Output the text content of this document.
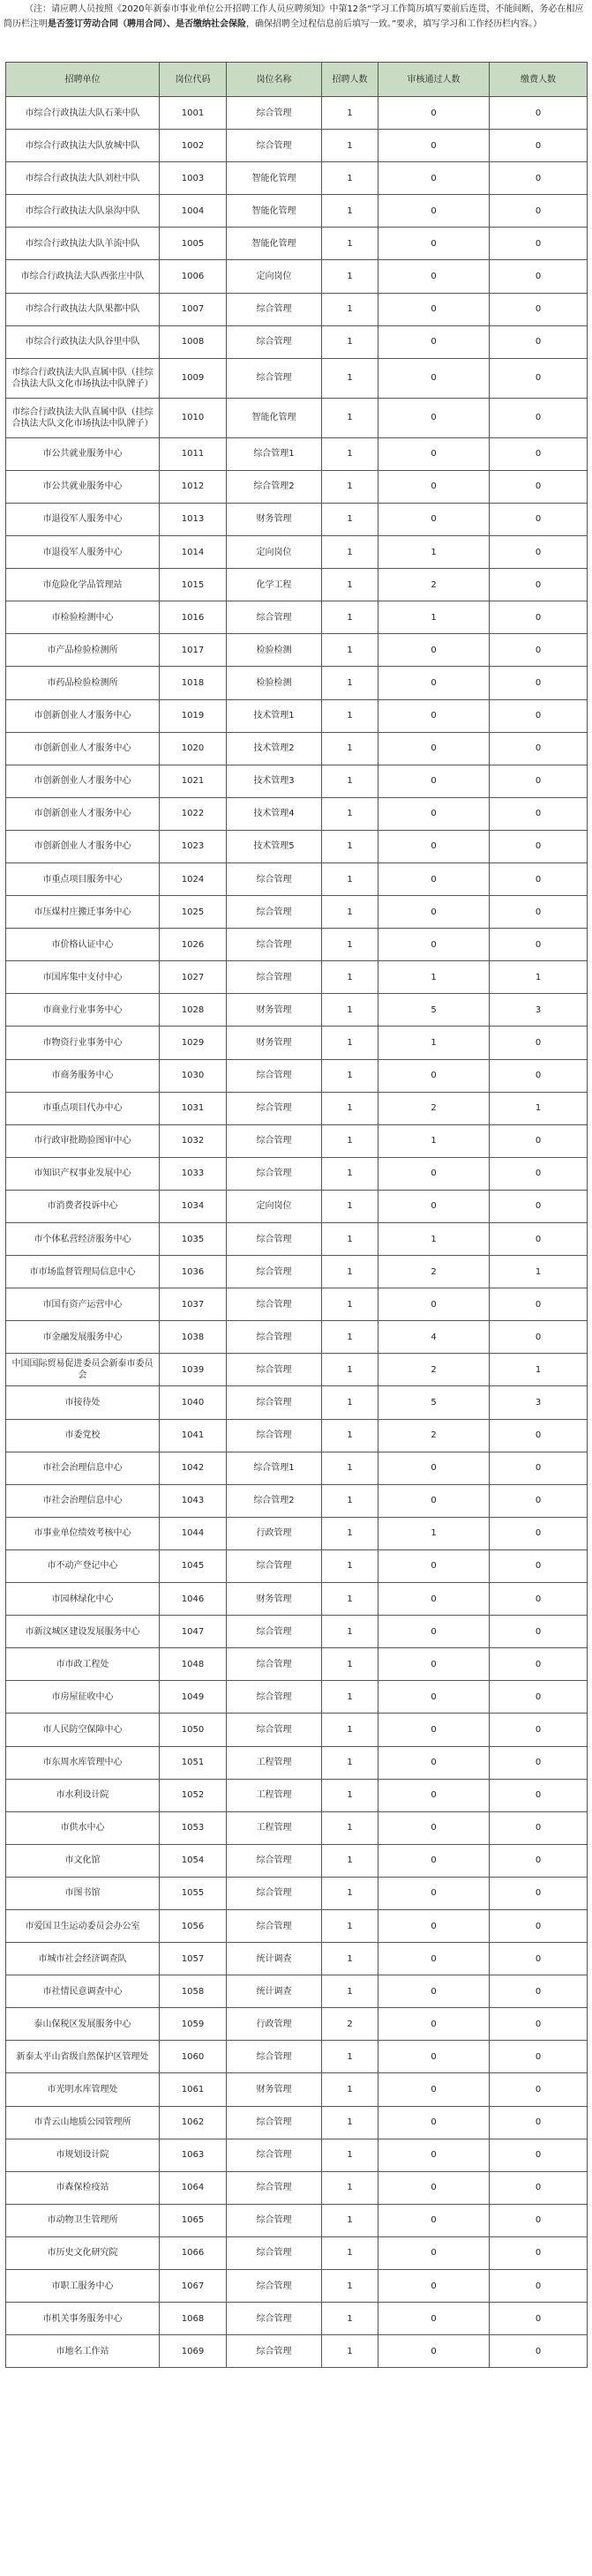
（注：请应聘人员按照《2020年新泰市事业单位公开招聘工作人员应聘须知》中第12条“学习工作简历填写要前后连贯，不能间断，务必在相应简历栏注明是否签订劳动合同（聘用合同）、是否缴纳社会保险，确保招聘全过程信息前后填写一致。”要求，填写学习和工作经历栏内容。）
招聘单位	岗位代码	岗位名称	招聘人数	审核通过人数	缴费人数
市综合行政执法大队石莱中队	1001	综合管理	1	0	0
市综合行政执法大队放城中队	1002	综合管理	1	0	0
市综合行政执法大队刘杜中队	1003	智能化管理	1	0	0
市综合行政执法大队泉沟中队	1004	智能化管理	1	0	0
市综合行政执法大队羊流中队	1005	智能化管理	1	0	0
市综合行政执法大队西张庄中队	1006	定向岗位	1	0	0
市综合行政执法大队果都中队	1007	综合管理	1	0	0
市综合行政执法大队谷里中队	1008	综合管理	1	0	0
市综合行政执法大队直属中队（挂综合执法大队文化市场执法中队牌子）	1009	综合管理	1	0	0
市综合行政执法大队直属中队（挂综合执法大队文化市场执法中队牌子）	1010	智能化管理	1	0	0
市公共就业服务中心	1011	综合管理1	1	0	0
市公共就业服务中心	1012	综合管理2	1	0	0
市退役军人服务中心	1013	财务管理	1	0	0
市退役军人服务中心	1014	定向岗位	1	1	0
市危险化学品管理站	1015	化学工程	1	2	0
市检验检测中心	1016	综合管理	1	1	0
市产品检验检测所	1017	检验检测	1	0	0
市药品检验检测所	1018	检验检测	1	0	0
市创新创业人才服务中心	1019	技术管理1	1	0	0
市创新创业人才服务中心	1020	技术管理2	1	0	0
市创新创业人才服务中心	1021	技术管理3	1	0	0
市创新创业人才服务中心	1022	技术管理4	1	0	0
市创新创业人才服务中心	1023	技术管理5	1	0	0
市重点项目服务中心	1024	综合管理	1	0	0
市压煤村庄搬迁事务中心	1025	综合管理	1	0	0
市价格认证中心	1026	综合管理	1	0	0
市国库集中支付中心	1027	综合管理	1	1	1
市商业行业事务中心	1028	财务管理	1	5	3
市物资行业事务中心	1029	财务管理	1	1	0
市商务服务中心	1030	综合管理	1	0	0
市重点项目代办中心	1031	综合管理	1	2	1
市行政审批勘验图审中心	1032	综合管理	1	1	0
市知识产权事业发展中心	1033	综合管理	1	0	0
市消费者投诉中心	1034	定向岗位	1	0	0
市个体私营经济服务中心	1035	综合管理	1	1	0
市市场监督管理局信息中心	1036	综合管理	1	2	1
市国有资产运营中心	1037	综合管理	1	0	0
市金融发展服务中心	1038	综合管理	1	4	0
中国国际贸易促进委员会新泰市委员会	1039	综合管理	1	2	1
市接待处	1040	综合管理	1	5	3
市委党校	1041	综合管理	1	2	0
市社会治理信息中心	1042	综合管理1	1	0	0
市社会治理信息中心	1043	综合管理2	1	0	0
市事业单位绩效考核中心	1044	行政管理	1	1	0
市不动产登记中心	1045	综合管理	1	0	0
市园林绿化中心	1046	财务管理	1	0	0
市新汶城区建设发展服务中心	1047	综合管理	1	0	0
市市政工程处	1048	综合管理	1	0	0
市房屋征收中心	1049	综合管理	1	0	0
市人民防空保障中心	1050	综合管理	1	0	0
市东周水库管理中心	1051	工程管理	1	0	0
市水利设计院	1052	工程管理	1	0	0
市供水中心	1053	工程管理	1	0	0
市文化馆	1054	综合管理	1	0	0
市图书馆	1055	综合管理	1	0	0
市爱国卫生运动委员会办公室	1056	综合管理	1	0	0
市城市社会经济调查队	1057	统计调查	1	0	0
市社情民意调查中心	1058	统计调查	1	0	0
泰山保税区发展服务中心	1059	行政管理	2	0	0
新泰太平山省级自然保护区管理处	1060	综合管理	1	0	0
市光明水库管理处	1061	财务管理	1	0	0
市青云山地质公园管理所	1062	综合管理	1	0	0
市规划设计院	1063	综合管理	1	0	0
市森保检疫站	1064	综合管理	1	0	0
市动物卫生管理所	1065	综合管理	1	0	0
市历史文化研究院	1066	综合管理	1	0	0
市职工服务中心	1067	综合管理	1	0	0
市机关事务服务中心	1068	综合管理	1	0	0
市地名工作站	1069	综合管理	1	0	0
